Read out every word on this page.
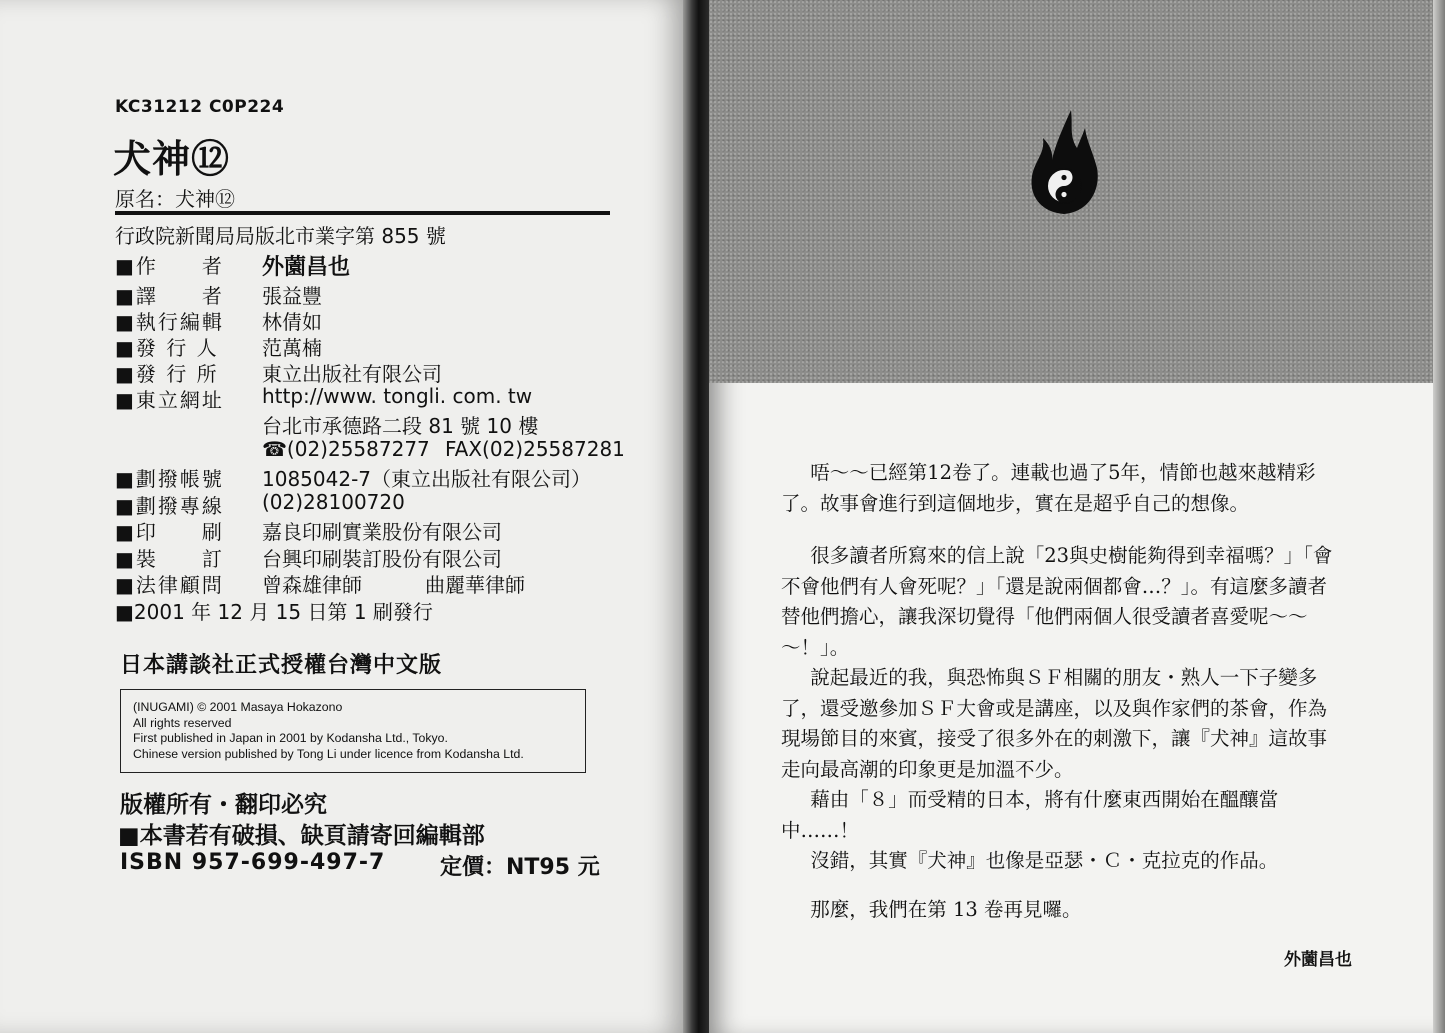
KC31212 C0P224
犬神⑫
原名：犬神⑫
行政院新聞局局版北市業字第 855 號
■作　　者	外薗昌也
■譯　　者	張益豐
■執行編輯	林倩如
■發 行 人	范萬楠
■發 行 所	東立出版社有限公司
■東立網址	http://www. tongli. com. tw
台北市承德路二段 81 號 10 樓
☎(02)25587277 FAX(02)25587281
■劃撥帳號	1085042-7（東立出版社有限公司）
■劃撥專線	(02)28100720
■印　　刷	嘉良印刷實業股份有限公司
■裝　　訂	台興印刷裝訂股份有限公司
■法律顧問	曾森雄律師	曲麗華律師
■2001 年 12 月 15 日第 1 刷發行
日本講談社正式授權台灣中文版
(INUGAMI) © 2001 Masaya Hokazono
All rights reserved
First published in Japan in 2001 by Kodansha Ltd., Tokyo.
Chinese version published by Tong Li under licence from Kodansha Ltd.
版權所有・翻印必究
■本書若有破損、缺頁請寄回編輯部
ISBN 957-699-497-7 定價：NT95 元

唔～～已經第12卷了。連載也過了5年，情節也越來越精彩了。故事會進行到這個地步，實在是超乎自己的想像。

很多讀者所寫來的信上說「23與史樹能夠得到幸福嗎？」「會不會他們有人會死呢？」「還是說兩個都會…？」。有這麼多讀者替他們擔心，讓我深切覺得「他們兩個人很受讀者喜愛呢～～～！」。

說起最近的我，與恐怖與ＳＦ相關的朋友・熟人一下子變多了，還受邀參加ＳＦ大會或是講座，以及與作家們的茶會，作為現場節目的來賓，接受了很多外在的刺激下，讓『犬神』這故事走向最高潮的印象更是加溫不少。

藉由「８」而受精的日本，將有什麼東西開始在醞釀當中……！

沒錯，其實『犬神』也像是亞瑟・Ｃ・克拉克的作品。

那麼，我們在第 13 卷再見囉。

外薗昌也
